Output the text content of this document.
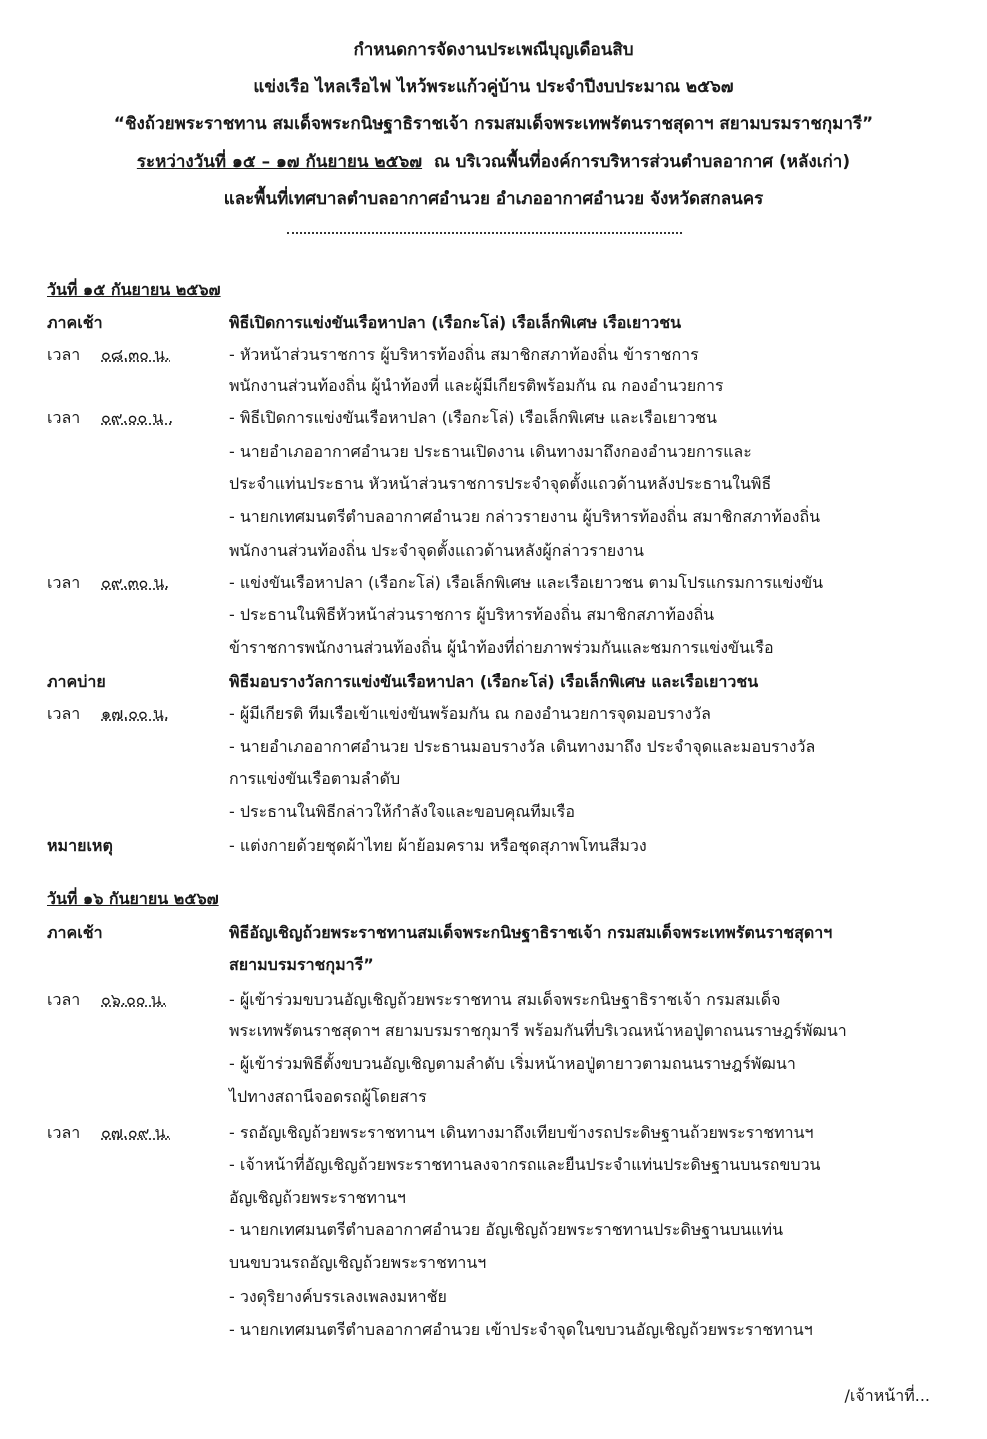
กำหนดการจัดงานประเพณีบุญเดือนสิบ
แข่งเรือ ไหลเรือไฟ ไหว้พระแก้วคู่บ้าน ประจำปีงบประมาณ ๒๕๖๗
“ชิงถ้วยพระราชทาน สมเด็จพระกนิษฐาธิราชเจ้า กรมสมเด็จพระเทพรัตนราชสุดาฯ สยามบรมราชกุมารี”
ระหว่างวันที่ ๑๕ – ๑๗ กันยายน ๒๕๖๗ ณ บริเวณพื้นที่องค์การบริหารส่วนตำบลอากาศ (หลังเก่า)
และพื้นที่เทศบาลตำบลอากาศอำนวย อำเภออากาศอำนวย จังหวัดสกลนคร
วันที่ ๑๕ กันยายน ๒๕๖๗
ภาคเช้า	พิธีเปิดการแข่งขันเรือหาปลา (เรือกะโล่) เรือเล็กพิเศษ เรือเยาวชน
เวลา ๐๘.๓๐ น.	- หัวหน้าส่วนราชการ ผู้บริหารท้องถิ่น สมาชิกสภาท้องถิ่น ข้าราชการ
พนักงานส่วนท้องถิ่น ผู้นำท้องที่ และผู้มีเกียรติพร้อมกัน ณ กองอำนวยการ
เวลา ๐๙.๐๐ น .	- พิธีเปิดการแข่งขันเรือหาปลา (เรือกะโล่) เรือเล็กพิเศษ และเรือเยาวชน
- นายอำเภออากาศอำนวย ประธานเปิดงาน เดินทางมาถึงกองอำนวยการและ
ประจำแท่นประธาน หัวหน้าส่วนราชการประจำจุดตั้งแถวด้านหลังประธานในพิธี
- นายกเทศมนตรีตำบลอากาศอำนวย กล่าวรายงาน ผู้บริหารท้องถิ่น สมาชิกสภาท้องถิ่น
พนักงานส่วนท้องถิ่น ประจำจุดตั้งแถวด้านหลังผู้กล่าวรายงาน
เวลา ๐๙.๓๐ น.	- แข่งขันเรือหาปลา (เรือกะโล่) เรือเล็กพิเศษ และเรือเยาวชน ตามโปรแกรมการแข่งขัน
- ประธานในพิธีหัวหน้าส่วนราชการ ผู้บริหารท้องถิ่น สมาชิกสภาท้องถิ่น
ข้าราชการพนักงานส่วนท้องถิ่น ผู้นำท้องที่ถ่ายภาพร่วมกันและชมการแข่งขันเรือ
ภาคบ่าย	พิธีมอบรางวัลการแข่งขันเรือหาปลา (เรือกะโล่) เรือเล็กพิเศษ และเรือเยาวชน
เวลา ๑๗.๐๐ น.	- ผู้มีเกียรติ ทีมเรือเข้าแข่งขันพร้อมกัน ณ กองอำนวยการจุดมอบรางวัล
- นายอำเภออากาศอำนวย ประธานมอบรางวัล เดินทางมาถึง ประจำจุดและมอบรางวัล
การแข่งขันเรือตามลำดับ
- ประธานในพิธีกล่าวให้กำลังใจและขอบคุณทีมเรือ
หมายเหตุ	- แต่งกายด้วยชุดผ้าไทย ผ้าย้อมคราม หรือชุดสุภาพโทนสีมวง
วันที่ ๑๖ กันยายน ๒๕๖๗
ภาคเช้า	พิธีอัญเชิญถ้วยพระราชทานสมเด็จพระกนิษฐาธิราชเจ้า กรมสมเด็จพระเทพรัตนราชสุดาฯ
สยามบรมราชกุมารี”
เวลา ๐๖.๐๐ น.	- ผู้เข้าร่วมขบวนอัญเชิญถ้วยพระราชทาน สมเด็จพระกนิษฐาธิราชเจ้า กรมสมเด็จ
พระเทพรัตนราชสุดาฯ สยามบรมราชกุมารี พร้อมกันที่บริเวณหน้าหอปู่ตาถนนราษฎร์พัฒนา
- ผู้เข้าร่วมพิธีตั้งขบวนอัญเชิญตามลำดับ เริ่มหน้าหอปู่ตายาวตามถนนราษฎร์พัฒนา
ไปทางสถานีจอดรถผู้โดยสาร
เวลา ๐๗.๐๙ น.	- รถอัญเชิญถ้วยพระราชทานฯ เดินทางมาถึงเทียบข้างรถประดิษฐานถ้วยพระราชทานฯ
- เจ้าหน้าที่อัญเชิญถ้วยพระราชทานลงจากรถและยืนประจำแท่นประดิษฐานบนรถขบวน
อัญเชิญถ้วยพระราชทานฯ
- นายกเทศมนตรีตำบลอากาศอำนวย อัญเชิญถ้วยพระราชทานประดิษฐานบนแท่น
บนขบวนรถอัญเชิญถ้วยพระราชทานฯ
- วงดุริยางค์บรรเลงเพลงมหาชัย
- นายกเทศมนตรีตำบลอากาศอำนวย เข้าประจำจุดในขบวนอัญเชิญถ้วยพระราชทานฯ
/เจ้าหน้าที่...
